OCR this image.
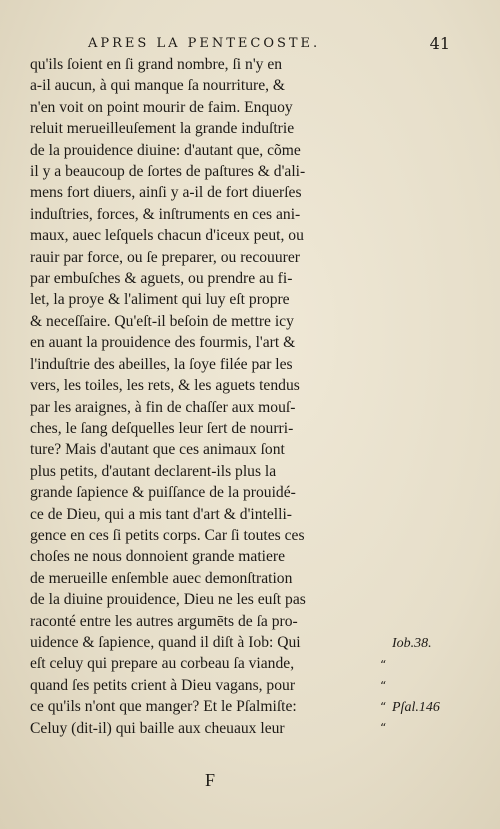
APRES LA PENTECOSTE.	41
qu'ils ſoient en ſi grand nombre, ſi n'y en
a-il aucun, à qui manque ſa nourriture, &
n'en voit on point mourir de faim. Enquoy
reluit merueilleuſement la grande induſtrie
de la prouidence diuine: d'autant que, cõme
il y a beaucoup de ſortes de paſtures & d'ali-
mens fort diuers, ainſi y a-il de fort diuerſes
induſtries, forces, & inſtruments en ces ani-
maux, auec leſquels chacun d'iceux peut, ou
rauir par force, ou ſe preparer, ou recouurer
par embuſches & aguets, ou prendre au fi-
let, la proye & l'aliment qui luy eſt propre
& neceſſaire. Qu'eſt-il beſoin de mettre icy
en auant la prouidence des fourmis, l'art &
l'induſtrie des abeilles, la ſoye filée par les
vers, les toiles, les rets, & les aguets tendus
par les araignes, à fin de chaſſer aux mouſ-
ches, le ſang deſquelles leur ſert de nourri-
ture? Mais d'autant que ces animaux ſont
plus petits, d'autant declarent-ils plus la
grande ſapience & puiſſance de la prouidé-
ce de Dieu, qui a mis tant d'art & d'intelli-
gence en ces ſi petits corps. Car ſi toutes ces
choſes ne nous donnoient grande matiere
de merueille enſemble auec demonſtration
de la diuine prouidence, Dieu ne les euſt pas
raconté entre les autres argumēts de ſa pro-
uidence & ſapience, quand il diſt à Iob: Qui
eſt celuy qui prepare au corbeau ſa viande,
quand ſes petits crient à Dieu vagans, pour
ce qu'ils n'ont que manger? Et le Pſalmiſte:
Celuy (dit-il) qui baille aux cheuaux leur
Iob.38.
Pſal.146
“
“
“
“
F
